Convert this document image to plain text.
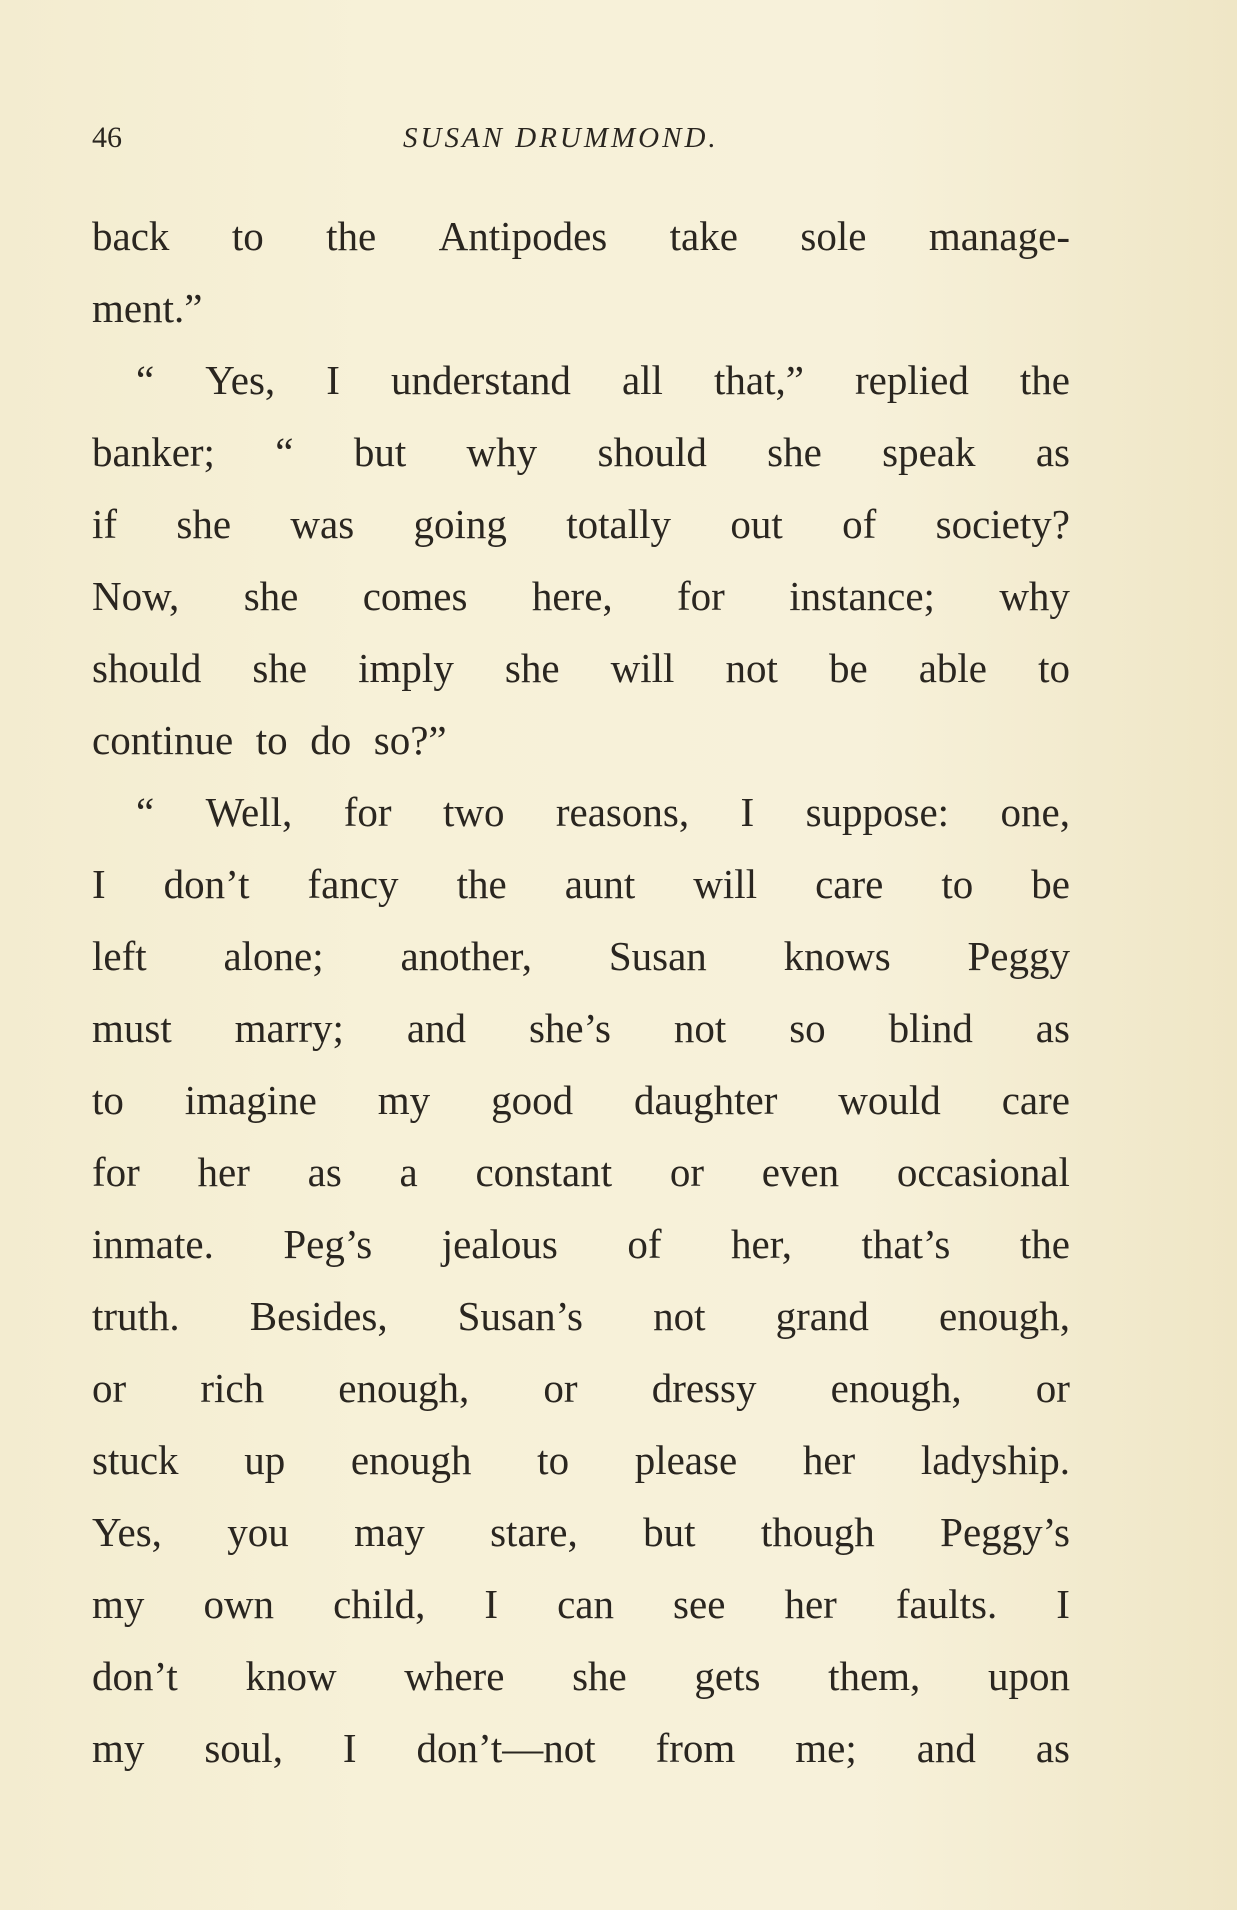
46	SUSAN DRUMMOND.
back to the Antipodes take sole manage-
ment.”
“ Yes, I understand all that,” replied the
banker; “ but why should she speak as
if she was going totally out of society?
Now, she comes here, for instance; why
should she imply she will not be able to
continue to do so?”
“ Well, for two reasons, I suppose: one,
I don’t fancy the aunt will care to be
left alone; another, Susan knows Peggy
must marry; and she’s not so blind as
to imagine my good daughter would care
for her as a constant or even occasional
inmate. Peg’s jealous of her, that’s the
truth. Besides, Susan’s not grand enough,
or rich enough, or dressy enough, or
stuck up enough to please her ladyship.
Yes, you may stare, but though Peggy’s
my own child, I can see her faults. I
don’t know where she gets them, upon
my soul, I don’t—not from me; and as
